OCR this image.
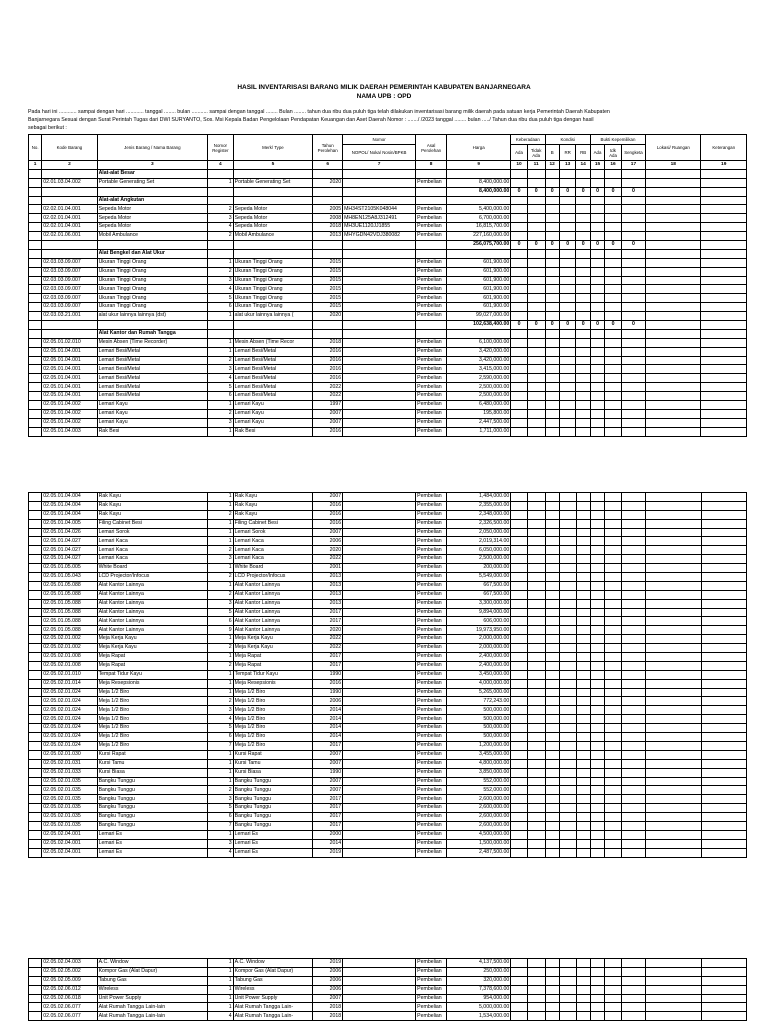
HASIL INVENTARISASI BARANG MILIK DAERAH PEMERINTAH KABUPATEN BANJARNEGARA
NAMA UPB : OPD
Pada hari ini ............ sampai dengan hari ............ tanggal ........ bulan ........... sampai dengan tanggal ........ Bulan ........ tahun dua ribu dua puluh tiga telah dilakukan inventarisasi barang milik daerah pada satuan kerja Pemerintah Daerah Kabupaten
Banjarnegara Sesuai dengan Surat Perintah Tugas dari DWI SURYANTO, Sos. Msi Kepala Badan Pengelolaan Pendapatan Keuangan dan Aset Daerah Nomor : ......./ /2023 tanggal ........ bulan ...../ Tahun dua ribu dua puluh tiga dengan hasil
sebagai berikut :
No.	Kode Barang	Jenis Barang / Nama Barang	Nomor Register	Merk/ Type	Tahun Perolehan	Nomor	Asal Perolehan	Harga	Keberadaan		Kondisi			Bukti Kepemilikan			Lokasi/ Ruangan	Keterangan
						NOPOL/ Noka/ Nosin/BPKB			Ada	Tidak Ada	B	RR	RB	Ada	tdk Ada	Sengketa		
1	2	3	4	5	6	7	8	9	10	11	12	13	14	15	16	17	18	19
		Alat-alat Besar																
	02.01.03.04.002	Portable Generating Set	1	Portable Generating Set	2020		Pembelian	8,400,000.00										
								8,400,000.00	0	0	0	0	0	0	0	0		
		Alat-alat Angkutan																
	02.02.01.04.001	Sepeda Motor	2	Sepeda Motor	2005	MH34ST2105K048044	Pembelian	5,400,000.00										
	02.02.01.04.001	Sepeda Motor	3	Sepeda Motor	2008	MH8EN125A8J312491	Pembelian	6,700,000.00										
	02.02.01.04.001	Sepeda Motor	4	Sepeda Motor	2018	MH3UE1120JJ1855	Pembelian	16,815,700.00										
	02.02.01.06.001	Mobil Ambulance	2	Mobil Ambulance	2013	MHYGDN42VDJ380082	Pembelian	227,160,000.00										
								256,075,700.00	0	0	0	0	0	0	0	0		
		Alat Bengkel dan Alat Ukur																
	02.03.03.09.007	Ukuran Tinggi Orang	1	Ukuran Tinggi Orang	2015		Pembelian	601,900.00										
	02.03.03.09.007	Ukuran Tinggi Orang	2	Ukuran Tinggi Orang	2015		Pembelian	601,900.00										
	02.03.03.09.007	Ukuran Tinggi Orang	3	Ukuran Tinggi Orang	2015		Pembelian	601,900.00										
	02.03.03.09.007	Ukuran Tinggi Orang	4	Ukuran Tinggi Orang	2015		Pembelian	601,900.00										
	02.03.03.09.007	Ukuran Tinggi Orang	5	Ukuran Tinggi Orang	2015		Pembelian	601,900.00										
	02.03.03.09.007	Ukuran Tinggi Orang	6	Ukuran Tinggi Orang	2015		Pembelian	601,900.00										
	02.03.03.21.001	alat ukur lainnya lainnya (dst)	1	alat ukur lainnya lainnya (	2020		Pembelian	99,027,000.00										
								102,638,400.00	0	0	0	0	0	0	0	0		
		Alat Kantor dan Rumah Tangga																
	02.05.01.02.010	Mesin Absen (Time Recorder)	1	Mesin Absen (Time Recor	2018		Pembelian	6,100,000.00										
	02.05.01.04.001	Lemari Besi/Metal	1	Lemari Besi/Metal	2016		Pembelian	3,420,000.00										
	02.05.01.04.001	Lemari Besi/Metal	2	Lemari Besi/Metal	2016		Pembelian	3,420,000.00										
	02.05.01.04.001	Lemari Besi/Metal	3	Lemari Besi/Metal	2016		Pembelian	3,415,000.00										
	02.05.01.04.001	Lemari Besi/Metal	4	Lemari Besi/Metal	2016		Pembelian	2,590,000.00										
	02.05.01.04.001	Lemari Besi/Metal	5	Lemari Besi/Metal	2022		Pembelian	2,500,000.00										
	02.05.01.04.001	Lemari Besi/Metal	6	Lemari Besi/Metal	2022		Pembelian	2,500,000.00										
	02.05.01.04.002	Lemari Kayu	1	Lemari Kayu	1997		Pembelian	6,480,000.00										
	02.05.01.04.002	Lemari Kayu	2	Lemari Kayu	2007		Pembelian	195,800.00										
	02.05.01.04.002	Lemari Kayu	3	Lemari Kayu	2007		Pembelian	2,447,500.00										
	02.05.01.04.003	Rak Besi	1	Rak Besi	2016		Pembelian	1,711,000.00										
	02.05.01.04.004	Rak Kayu	1	Rak Kayu	2007		Pembelian	1,484,000.00										
	02.05.01.04.004	Rak Kayu	1	Rak Kayu	2016		Pembelian	2,355,000.00										
	02.05.01.04.004	Rak Kayu	2	Rak Kayu	2016		Pembelian	2,348,000.00										
	02.05.01.04.005	Filing Cabinet Besi	1	Filing Cabinet Besi	2016		Pembelian	2,326,500.00										
	02.05.01.04.026	Lemari Sorok	1	Lemari Sorok	2007		Pembelian	2,050,000.00										
	02.05.01.04.027	Lemari Kaca	1	Lemari Kaca	2006		Pembelian	2,019,314.00										
	02.05.01.04.027	Lemari Kaca	2	Lemari Kaca	2020		Pembelian	6,050,000.00										
	02.05.01.04.027	Lemari Kaca	3	Lemari Kaca	2022		Pembelian	2,500,000.00										
	02.05.01.05.005	White Board	1	White Board	2001		Pembelian	200,000.00										
	02.05.01.05.043	LCD Projector/Infocus	2	LCD Projector/Infocus	2013		Pembelian	5,549,000.00										
	02.05.01.05.088	Alat Kantor Lainnya	1	Alat Kantor Lainnya	2013		Pembelian	667,500.00										
	02.05.01.05.088	Alat Kantor Lainnya	2	Alat Kantor Lainnya	2013		Pembelian	667,500.00										
	02.05.01.05.088	Alat Kantor Lainnya	3	Alat Kantor Lainnya	2013		Pembelian	3,300,000.00										
	02.05.01.05.088	Alat Kantor Lainnya	5	Alat Kantor Lainnya	2017		Pembelian	9,894,000.00										
	02.05.01.05.088	Alat Kantor Lainnya	6	Alat Kantor Lainnya	2017		Pembelian	606,000.00										
	02.05.01.05.088	Alat Kantor Lainnya	9	Alat Kantor Lainnya	2020		Pembelian	19,973,950.00										
	02.05.02.01.002	Meja Kerja Kayu	1	Meja Kerja Kayu	2022		Pembelian	2,000,000.00										
	02.05.02.01.002	Meja Kerja Kayu	2	Meja Kerja Kayu	2022		Pembelian	2,000,000.00										
	02.05.02.01.008	Meja Rapat	1	Meja Rapat	2017		Pembelian	2,400,000.00										
	02.05.02.01.008	Meja Rapat	2	Meja Rapat	2017		Pembelian	2,400,000.00										
	02.05.02.01.010	Tempat Tidur Kayu	1	Tempat Tidur Kayu	1990		Pembelian	3,450,000.00										
	02.05.02.01.014	Meja Resepsionis	1	Meja Resepsionis	2016		Pembelian	4,000,000.00										
	02.05.02.01.024	Meja 1/2 Biro	1	Meja 1/2 Biro	1990		Pembelian	5,265,000.00										
	02.05.02.01.024	Meja 1/2 Biro	2	Meja 1/2 Biro	2006		Pembelian	772,243.00										
	02.05.02.01.024	Meja 1/2 Biro	3	Meja 1/2 Biro	2014		Pembelian	500,000.00										
	02.05.02.01.024	Meja 1/2 Biro	4	Meja 1/2 Biro	2014		Pembelian	500,000.00										
	02.05.02.01.024	Meja 1/2 Biro	5	Meja 1/2 Biro	2014		Pembelian	500,000.00										
	02.05.02.01.024	Meja 1/2 Biro	6	Meja 1/2 Biro	2014		Pembelian	500,000.00										
	02.05.02.01.024	Meja 1/2 Biro	7	Meja 1/2 Biro	2017		Pembelian	1,200,000.00										
	02.05.02.01.030	Kursi Rapat	1	Kursi Rapat	2007		Pembelian	3,455,000.00										
	02.05.02.01.031	Kursi Tamu	1	Kursi Tamu	2007		Pembelian	4,800,000.00										
	02.05.02.01.033	Kursi Biasa	1	Kursi Biasa	1990		Pembelian	3,850,000.00										
	02.05.02.01.035	Bangku Tunggu	1	Bangku Tunggu	2007		Pembelian	552,000.00										
	02.05.02.01.035	Bangku Tunggu	2	Bangku Tunggu	2007		Pembelian	552,000.00										
	02.05.02.01.035	Bangku Tunggu	3	Bangku Tunggu	2017		Pembelian	2,600,000.00										
	02.05.02.01.035	Bangku Tunggu	5	Bangku Tunggu	2017		Pembelian	2,600,000.00										
	02.05.02.01.035	Bangku Tunggu	6	Bangku Tunggu	2017		Pembelian	2,600,000.00										
	02.05.02.01.035	Bangku Tunggu	7	Bangku Tunggu	2017		Pembelian	2,600,000.00										
	02.05.02.04.001	Lemari Es	1	Lemari Es	2000		Pembelian	4,500,000.00										
	02.05.02.04.001	Lemari Es	3	Lemari Es	2014		Pembelian	1,500,000.00										
	02.05.02.04.001	Lemari Es	4	Lemari Es	2019		Pembelian	2,487,500.00										
	02.05.02.04.003	A.C. Window	1	A.C. Window	2019		Pembelian	4,137,500.00										
	02.05.02.05.002	Kompor Gas (Alat Dapur)	1	Kompor Gas (Alat Dapur)	2006		Pembelian	250,000.00										
	02.05.02.05.009	Tabung Gas	1	Tabung Gas	2006		Pembelian	320,000.00										
	02.05.02.06.012	Wireless	1	Wireless	2006		Pembelian	7,378,600.00										
	02.05.02.06.018	Unit Power Supply	1	Unit Power Supply	2007		Pembelian	954,000.00										
	02.05.02.06.077	Alat Rumah Tangga Lain-lain	1	Alat Rumah Tangga Lain-	2018		Pembelian	5,000,000.00										
	02.05.02.06.077	Alat Rumah Tangga Lain-lain	4	Alat Rumah Tangga Lain-	2018		Pembelian	1,534,000.00										
